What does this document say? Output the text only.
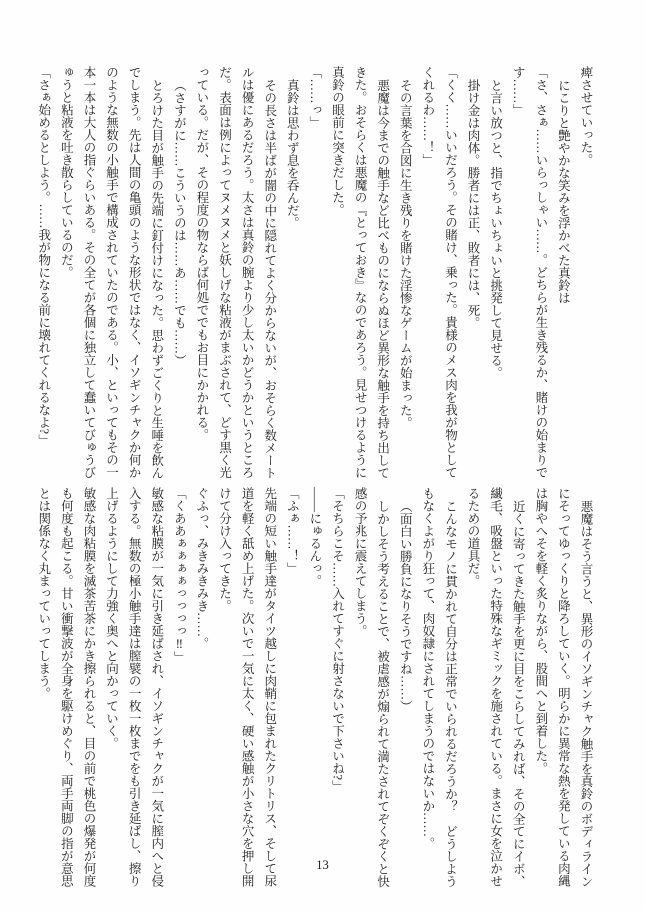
痺させていった。

にこりと艶やかな笑みを浮かべた真鈴は

「さ、さぁ……いらっしゃい……。どちらが生き残るか、賭けの始まりです……」

と言い放つと、指でちょいちょいと挑発して見せる。

掛け金は肉体。勝者には正、敗者には、死。

「くく……いいだろう。その賭け、乗った。貴様のメス肉を我が物としてくれるわ……！」

その言葉を合図に生き残りを賭けた淫惨なゲームが始まった。

悪魔は今までの触手など比べものにならぬほど異形な触手を持ち出してきた。おそらくは悪魔の『とっておき』なのであろう。見せつけるように真鈴の眼前に突きだした。

「……っ」

真鈴は思わず息を呑んだ。

その長さは半ばが闇の中に隠れてよく分からないが、おそらく数メートルは優にあるだろう。太さは真鈴の腕より少し太いかどうかというところだ。表面は例によってヌメヌメと妖しげな粘液がまぶされて、どす黒く光っている。だが、その程度の物ならば何処ででもお目にかかれる。

（さすがに……こういうのは……あ……でも……）

とろけた目が触手の先端に釘付けになった。思わずごくりと生唾を飲んでしまう。先は人間の亀頭のような形状ではなく、イソギンチャクか何かのような無数の小触手で構成されていたのである。小、といってもその一本一本は大人の指ぐらいある。その全てが各個に独立して蠢いてびゅうびゅうと粘液を吐き散らしているのだ。

「さぁ始めるとしよう。……我が物になる前に壊れてくれるなよ?」

悪魔はそう言うと、異形のイソギンチャク触手を真鈴のボディラインにそってゆっくりと降ろしていく。明らかに異常な熱を発している肉縄は胸やへそを軽く炙りながら、股間へと到着した。

近くに寄ってきた触手を更に目をこらしてみれば、その全てにイボ、繊毛、吸盤といった特殊なギミックを施されている。まさに女を泣かせるための道具だ。

こんなモノに貫かれて自分は正常でいられるだろうか？　どうしようもなくよがり狂って、肉奴隷にされてしまうのではないか……。

（面白い勝負になりそうですね……）

しかしそう考えることで、被虐感が煽られて満たされてぞくぞくと快感の予兆に震えてしまう。

「そちらこそ……入れてすぐに射さないで下さいね?」

――にゅるんっ。

「ふぁ……！」

先端の短い触手達がタイツ越しに肉鞘に包まれたクリトリス、そして尿道を軽く舐め上げた。次いで一気に太く、硬い感触が小さな穴を押し開けて分け入ってきた。

ぐふっ、みきみきみき……。

「くああぁぁぁぁっっっっ‼」

敏感な粘膜が一気に引き延ばされ、イソギンチャクが一気に膣内へと侵入する。無数の極小触手達は膣襞の一枚一枚までをも引き延ばし、擦り上げるようにして力強く奥へと向かっていく。

敏感な肉粘膜を滅茶苦茶にかき擦られると、目の前で桃色の爆発が何度も何度も起こる。甘い衝撃波が全身を駆けめぐり、両手両脚の指が意思とは関係なく丸まっていってしまう。

13
